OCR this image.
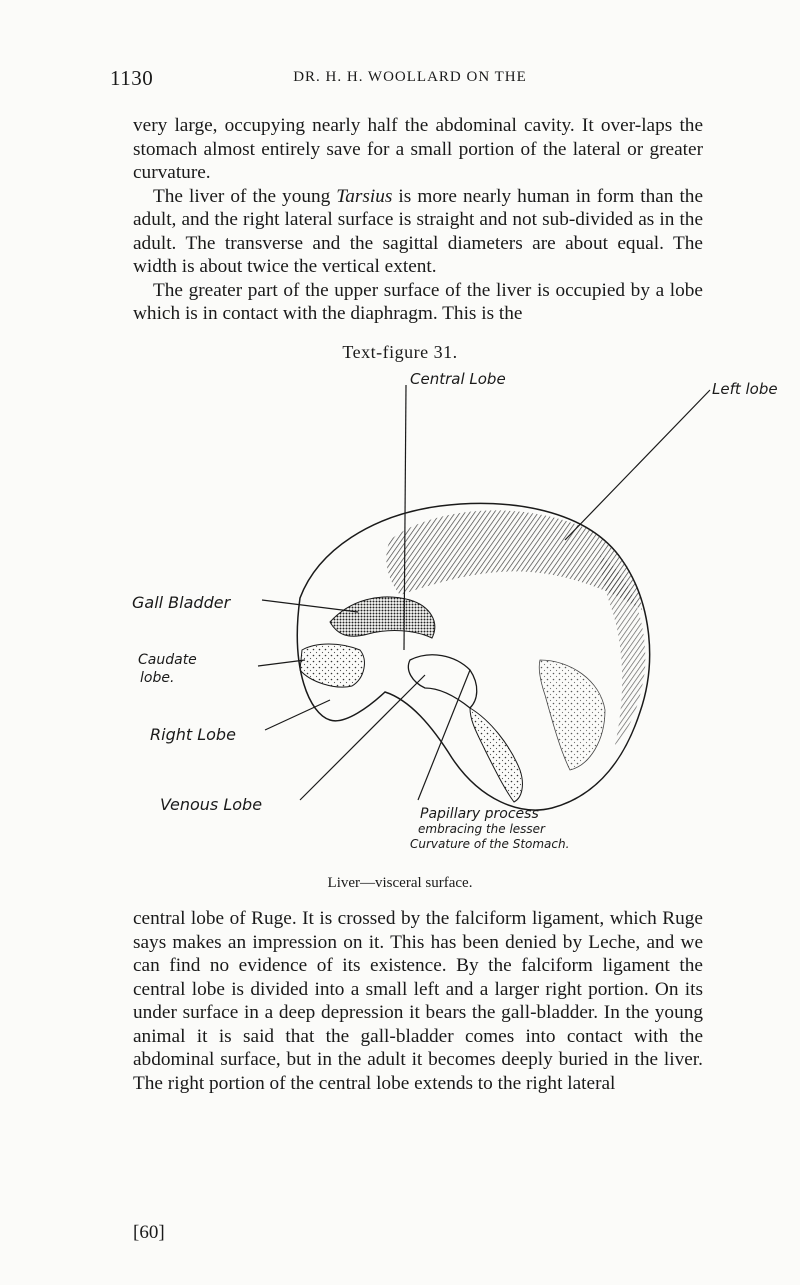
1130	DR. H. H. WOOLLARD ON THE

very large, occupying nearly half the abdominal cavity. It over-laps the stomach almost entirely save for a small portion of the lateral or greater curvature.

The liver of the young Tarsius is more nearly human in form than the adult, and the right lateral surface is straight and not sub-divided as in the adult. The transverse and the sagittal diameters are about equal. The width is about twice the vertical extent.

The greater part of the upper surface of the liver is occupied by a lobe which is in contact with the diaphragm. This is the

Text-figure 31.
Central Lobe
Left lobe
Gall Bladder
Caudate
lobe.
Right Lobe
Venous Lobe	Papillary process
embracing the lesser
Curvature of the Stomach.
Liver—visceral surface.

central lobe of Ruge. It is crossed by the falciform ligament, which Ruge says makes an impression on it. This has been denied by Leche, and we can find no evidence of its existence. By the falciform ligament the central lobe is divided into a small left and a larger right portion. On its under surface in a deep depression it bears the gall-bladder. In the young animal it is said that the gall-bladder comes into contact with the abdominal surface, but in the adult it becomes deeply buried in the liver. The right portion of the central lobe extends to the right lateral

[60]
